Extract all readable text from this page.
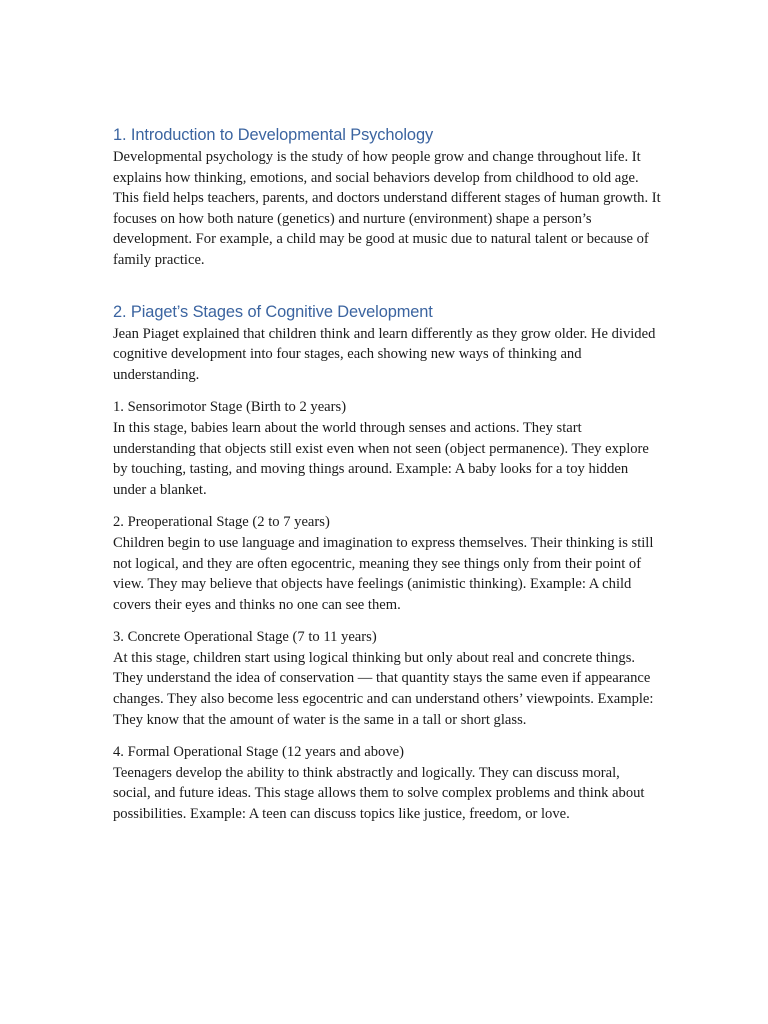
1. Introduction to Developmental Psychology

Developmental psychology is the study of how people grow and change throughout life. It explains how thinking, emotions, and social behaviors develop from childhood to old age. This field helps teachers, parents, and doctors understand different stages of human growth. It focuses on how both nature (genetics) and nurture (environment) shape a person’s development. For example, a child may be good at music due to natural talent or because of family practice.

2. Piaget’s Stages of Cognitive Development

Jean Piaget explained that children think and learn differently as they grow older. He divided cognitive development into four stages, each showing new ways of thinking and understanding.

1. Sensorimotor Stage (Birth to 2 years)
In this stage, babies learn about the world through senses and actions. They start understanding that objects still exist even when not seen (object permanence). They explore by touching, tasting, and moving things around. Example: A baby looks for a toy hidden under a blanket.
2. Preoperational Stage (2 to 7 years)
Children begin to use language and imagination to express themselves. Their thinking is still not logical, and they are often egocentric, meaning they see things only from their point of view. They may believe that objects have feelings (animistic thinking). Example: A child covers their eyes and thinks no one can see them.
3. Concrete Operational Stage (7 to 11 years)
At this stage, children start using logical thinking but only about real and concrete things. They understand the idea of conservation — that quantity stays the same even if appearance changes. They also become less egocentric and can understand others’ viewpoints. Example: They know that the amount of water is the same in a tall or short glass.
4. Formal Operational Stage (12 years and above)
Teenagers develop the ability to think abstractly and logically. They can discuss moral, social, and future ideas. This stage allows them to solve complex problems and think about possibilities. Example: A teen can discuss topics like justice, freedom, or love.
